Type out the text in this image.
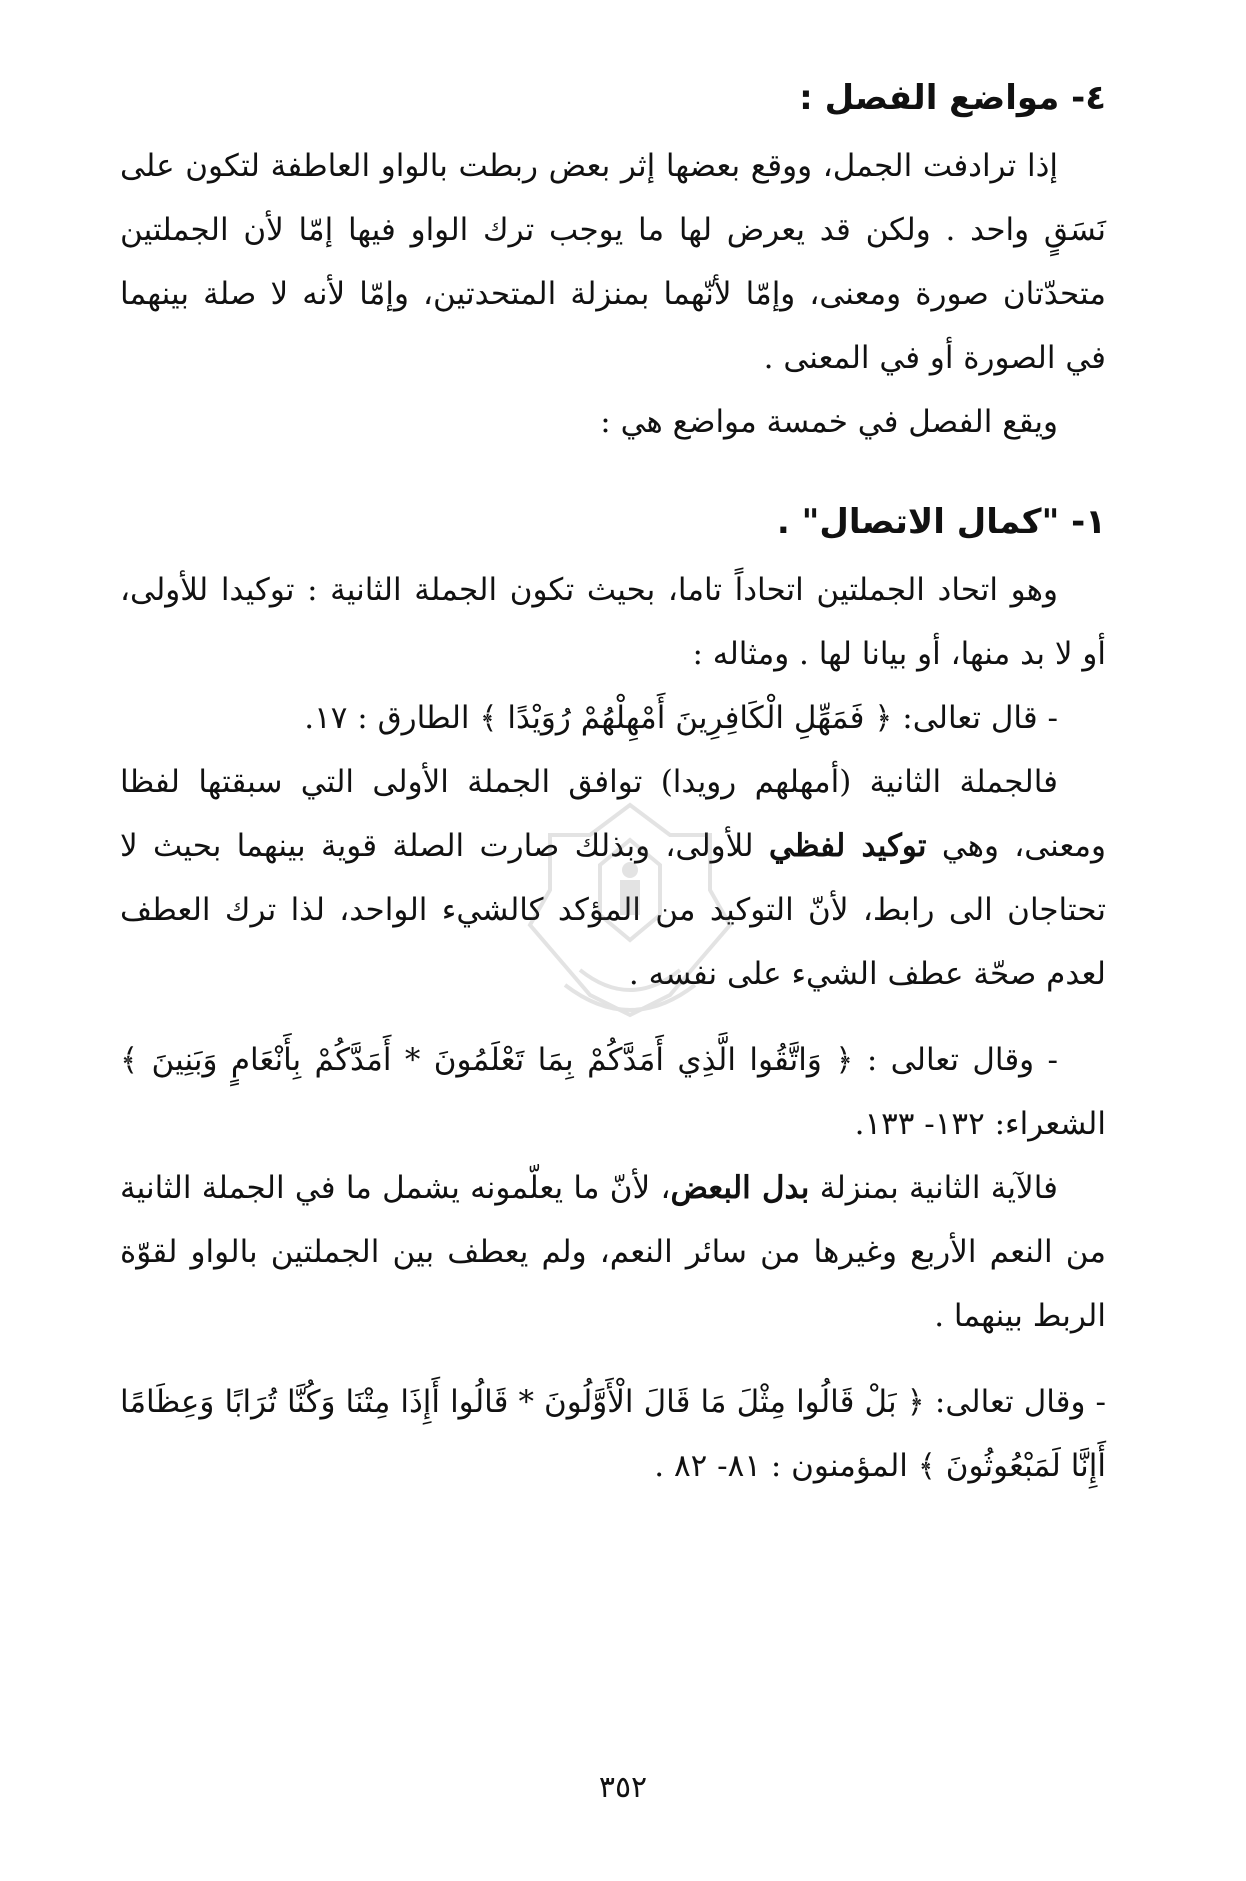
٤- مواضع الفصل :

إذا ترادفت الجمل، ووقع بعضها إثر بعض ربطت بالواو العاطفة لتكون على نَسَقٍ واحد . ولكن قد يعرض لها ما يوجب ترك الواو فيها إمّا لأن الجملتين متحدّتان صورة ومعنى، وإمّا لأنّهما بمنزلة المتحدتين، وإمّا لأنه لا صلة بينهما في الصورة أو في المعنى .

ويقع الفصل في خمسة مواضع هي :

١- "كمال الاتصال" .

وهو اتحاد الجملتين اتحاداً تاما، بحيث تكون الجملة الثانية : توكيدا للأولى، أو لا بد منها، أو بيانا لها . ومثاله :

- قال تعالى: ﴿ فَمَهِّلِ الْكَافِرِينَ أَمْهِلْهُمْ رُوَيْدًا ﴾ الطارق : ١٧.

فالجملة الثانية (أمهلهم رويدا) توافق الجملة الأولى التي سبقتها لفظا ومعنى، وهي توكيد لفظي للأولى، وبذلك صارت الصلة قوية بينهما بحيث لا تحتاجان الى رابط، لأنّ التوكيد من المؤكد كالشيء الواحد، لذا ترك العطف لعدم صحّة عطف الشيء على نفسه .

- وقال تعالى : ﴿ وَاتَّقُوا الَّذِي أَمَدَّكُمْ بِمَا تَعْلَمُونَ * أَمَدَّكُمْ بِأَنْعَامٍ وَبَنِينَ ﴾ الشعراء: ١٣٢- ١٣٣.

فالآية الثانية بمنزلة بدل البعض، لأنّ ما يعلّمونه يشمل ما في الجملة الثانية من النعم الأربع وغيرها من سائر النعم، ولم يعطف بين الجملتين بالواو لقوّة الربط بينهما .

- وقال تعالى: ﴿ بَلْ قَالُوا مِثْلَ مَا قَالَ الْأَوَّلُونَ * قَالُوا أَإِذَا مِتْنَا وَكُنَّا تُرَابًا وَعِظَامًا أَإِنَّا لَمَبْعُوثُونَ ﴾ المؤمنون : ٨١- ٨٢ .

٣٥٢
